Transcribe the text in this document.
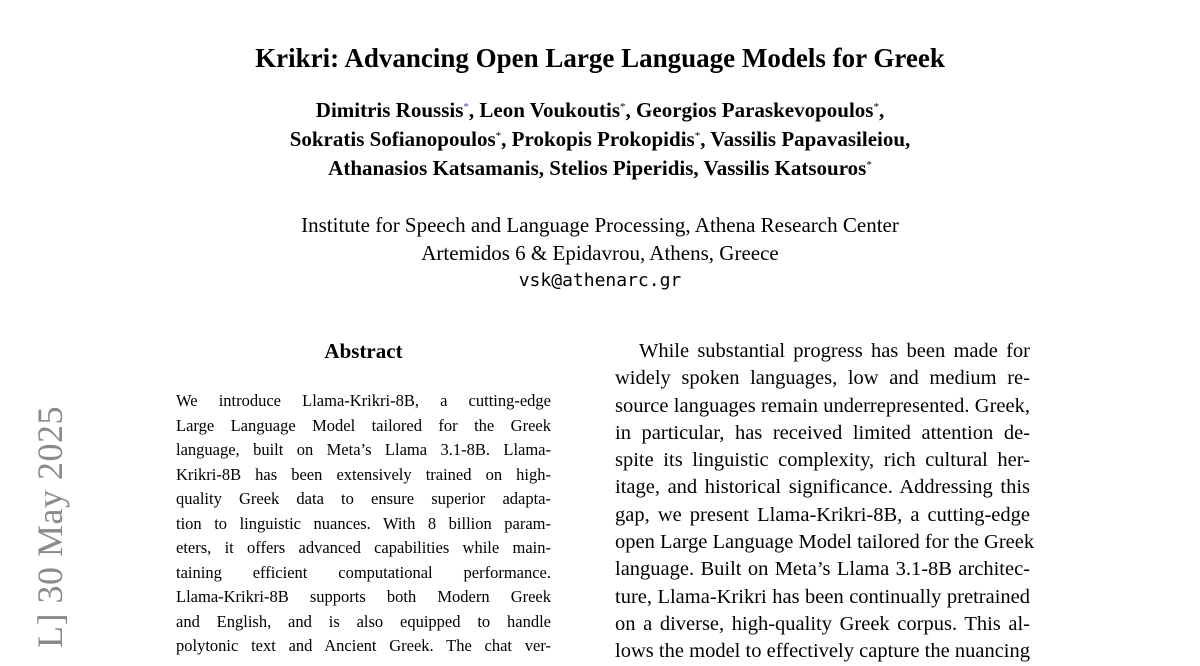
L] 30 May 2025
Krikri: Advancing Open Large Language Models for Greek
Dimitris Roussis*, Leon Voukoutis*, Georgios Paraskevopoulos*,
Sokratis Sofianopoulos*, Prokopis Prokopidis*, Vassilis Papavasileiou,
Athanasios Katsamanis, Stelios Piperidis, Vassilis Katsouros*
Institute for Speech and Language Processing, Athena Research Center
Artemidos 6 & Epidavrou, Athens, Greece
vsk@athenarc.gr
Abstract
We introduce Llama-Krikri-8B, a cutting-edge
Large Language Model tailored for the Greek
language, built on Meta’s Llama 3.1-8B. Llama-
Krikri-8B has been extensively trained on high-
quality Greek data to ensure superior adapta-
tion to linguistic nuances. With 8 billion param-
eters, it offers advanced capabilities while main-
taining efficient computational performance.
Llama-Krikri-8B supports both Modern Greek
and English, and is also equipped to handle
polytonic text and Ancient Greek. The chat ver-
While substantial progress has been made for
widely spoken languages, low and medium re-
source languages remain underrepresented. Greek,
in particular, has received limited attention de-
spite its linguistic complexity, rich cultural her-
itage, and historical significance. Addressing this
gap, we present Llama-Krikri-8B, a cutting-edge
open Large Language Model tailored for the Greek
language. Built on Meta’s Llama 3.1-8B architec-
ture, Llama-Krikri has been continually pretrained
on a diverse, high-quality Greek corpus. This al-
lows the model to effectively capture the nuancing
